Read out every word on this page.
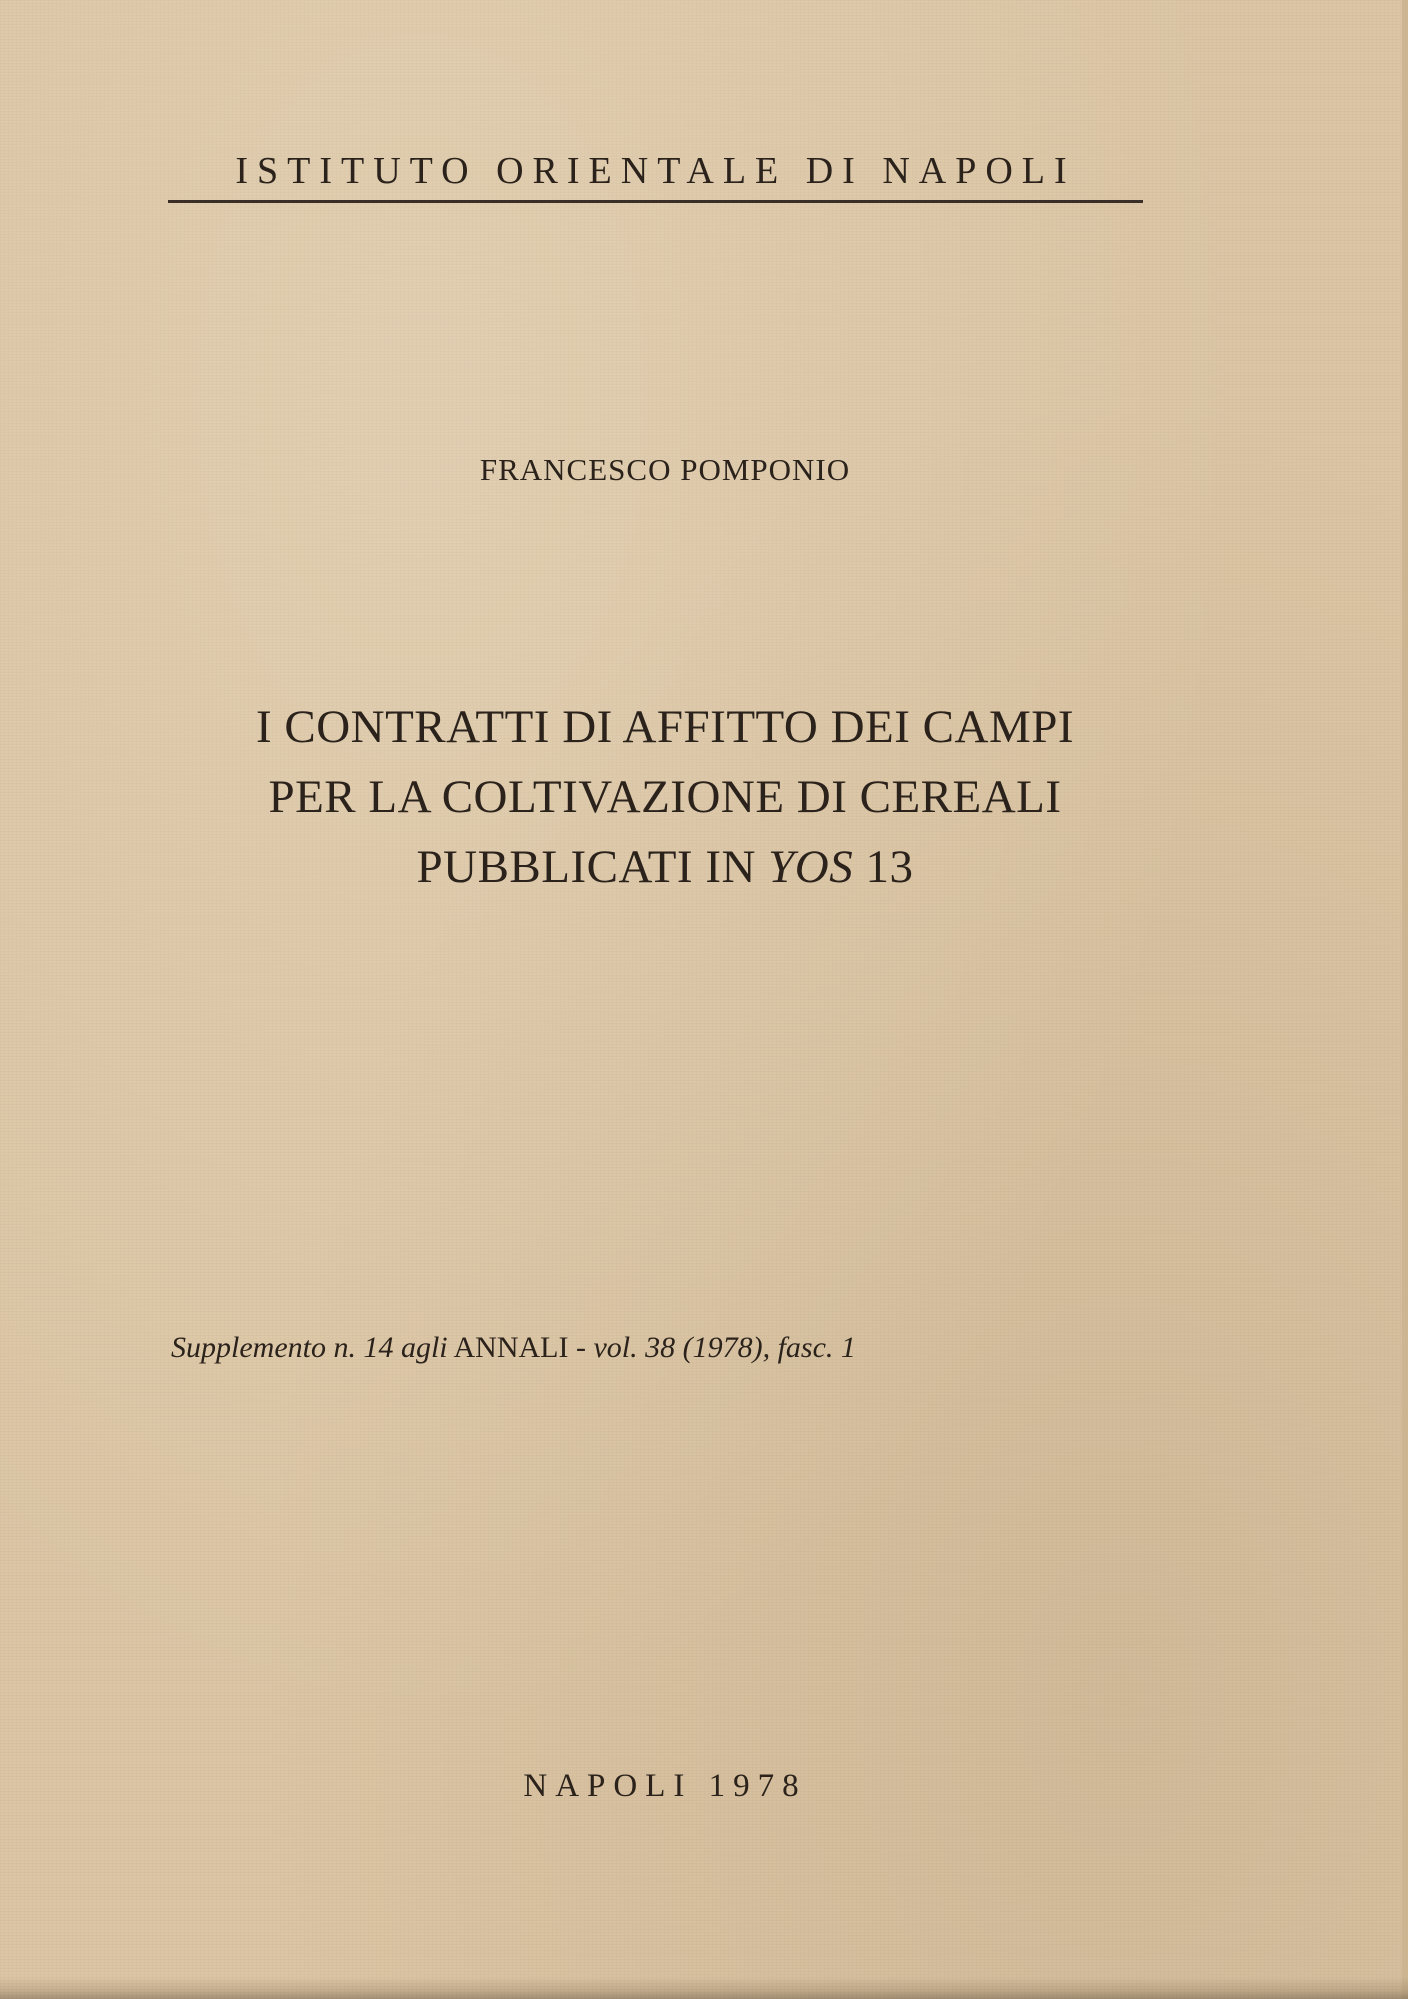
ISTITUTO ORIENTALE DI NAPOLI
FRANCESCO POMPONIO
I CONTRATTI DI AFFITTO DEI CAMPI
PER LA COLTIVAZIONE DI CEREALI
PUBBLICATI IN YOS 13
Supplemento n. 14 agli ANNALI - vol. 38 (1978), fasc. 1
NAPOLI 1978
